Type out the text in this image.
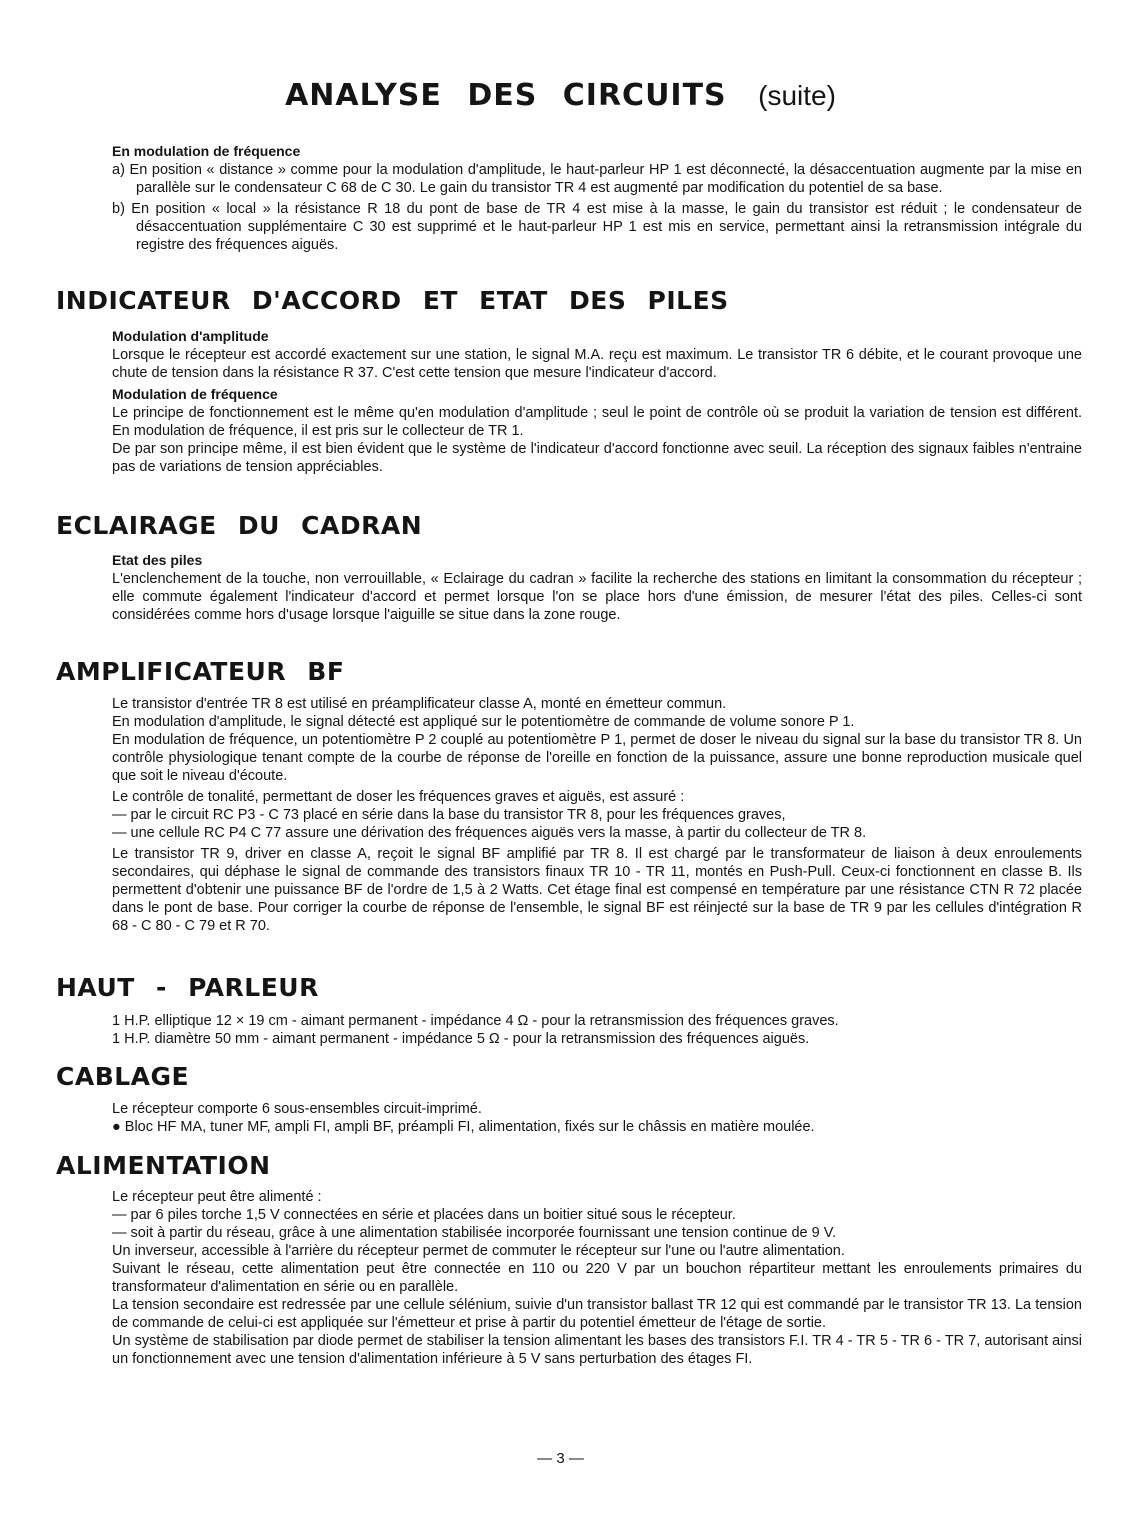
ANALYSE DES CIRCUITS (suite)
En modulation de fréquence

a) En position « distance » comme pour la modulation d'amplitude, le haut-parleur HP 1 est déconnecté, la désaccentuation augmente par la mise en parallèle sur le condensateur C 68 de C 30. Le gain du transistor TR 4 est augmenté par modification du potentiel de sa base.

b) En position « local » la résistance R 18 du pont de base de TR 4 est mise à la masse, le gain du transistor est réduit ; le condensateur de désaccentuation supplémentaire C 30 est supprimé et le haut-parleur HP 1 est mis en service, permettant ainsi la retransmission intégrale du registre des fréquences aiguës.

INDICATEUR D'ACCORD ET ETAT DES PILES
Modulation d'amplitude

Lorsque le récepteur est accordé exactement sur une station, le signal M.A. reçu est maximum. Le transistor TR 6 débite, et le courant provoque une chute de tension dans la résistance R 37. C'est cette tension que mesure l'indicateur d'accord.

Modulation de fréquence

Le principe de fonctionnement est le même qu'en modulation d'amplitude ; seul le point de contrôle où se produit la variation de tension est différent. En modulation de fréquence, il est pris sur le collecteur de TR 1.

De par son principe même, il est bien évident que le système de l'indicateur d'accord fonctionne avec seuil. La réception des signaux faibles n'entraine pas de variations de tension appréciables.

ECLAIRAGE DU CADRAN
Etat des piles

L'enclenchement de la touche, non verrouillable, « Eclairage du cadran » facilite la recherche des stations en limitant la consommation du récepteur ; elle commute également l'indicateur d'accord et permet lorsque l'on se place hors d'une émission, de mesurer l'état des piles. Celles-ci sont considérées comme hors d'usage lorsque l'aiguille se situe dans la zone rouge.

AMPLIFICATEUR BF

Le transistor d'entrée TR 8 est utilisé en préamplificateur classe A, monté en émetteur commun.

En modulation d'amplitude, le signal détecté est appliqué sur le potentiomètre de commande de volume sonore P 1.

En modulation de fréquence, un potentiomètre P 2 couplé au potentiomètre P 1, permet de doser le niveau du signal sur la base du transistor TR 8. Un contrôle physiologique tenant compte de la courbe de réponse de l'oreille en fonction de la puissance, assure une bonne reproduction musicale quel que soit le niveau d'écoute.

Le contrôle de tonalité, permettant de doser les fréquences graves et aiguës, est assuré :

— par le circuit RC P3 - C 73 placé en série dans la base du transistor TR 8, pour les fréquences graves,

— une cellule RC P4 C 77 assure une dérivation des fréquences aiguës vers la masse, à partir du collecteur de TR 8.

Le transistor TR 9, driver en classe A, reçoit le signal BF amplifié par TR 8. Il est chargé par le transformateur de liaison à deux enroulements secondaires, qui déphase le signal de commande des transistors finaux TR 10 - TR 11, montés en Push-Pull. Ceux-ci fonctionnent en classe B. Ils permettent d'obtenir une puissance BF de l'ordre de 1,5 à 2 Watts. Cet étage final est compensé en température par une résistance CTN R 72 placée dans le pont de base. Pour corriger la courbe de réponse de l'ensemble, le signal BF est réinjecté sur la base de TR 9 par les cellules d'intégration R 68 - C 80 - C 79 et R 70.

HAUT - PARLEUR

1 H.P. elliptique 12 × 19 cm - aimant permanent - impédance 4 Ω - pour la retransmission des fréquences graves.

1 H.P. diamètre 50 mm - aimant permanent - impédance 5 Ω - pour la retransmission des fréquences aiguës.

CABLAGE

Le récepteur comporte 6 sous-ensembles circuit-imprimé.

● Bloc HF MA, tuner MF, ampli FI, ampli BF, préampli FI, alimentation, fixés sur le châssis en matière moulée.

ALIMENTATION

Le récepteur peut être alimenté :

— par 6 piles torche 1,5 V connectées en série et placées dans un boitier situé sous le récepteur.

— soit à partir du réseau, grâce à une alimentation stabilisée incorporée fournissant une tension continue de 9 V.

Un inverseur, accessible à l'arrière du récepteur permet de commuter le récepteur sur l'une ou l'autre alimentation.

Suivant le réseau, cette alimentation peut être connectée en 110 ou 220 V par un bouchon répartiteur mettant les enroulements primaires du transformateur d'alimentation en série ou en parallèle.

La tension secondaire est redressée par une cellule sélénium, suivie d'un transistor ballast TR 12 qui est commandé par le transistor TR 13. La tension de commande de celui-ci est appliquée sur l'émetteur et prise à partir du potentiel émetteur de l'étage de sortie.

Un système de stabilisation par diode permet de stabiliser la tension alimentant les bases des transistors F.I. TR 4 - TR 5 - TR 6 - TR 7, autorisant ainsi un fonctionnement avec une tension d'alimentation inférieure à 5 V sans perturbation des étages FI.

— 3 —
